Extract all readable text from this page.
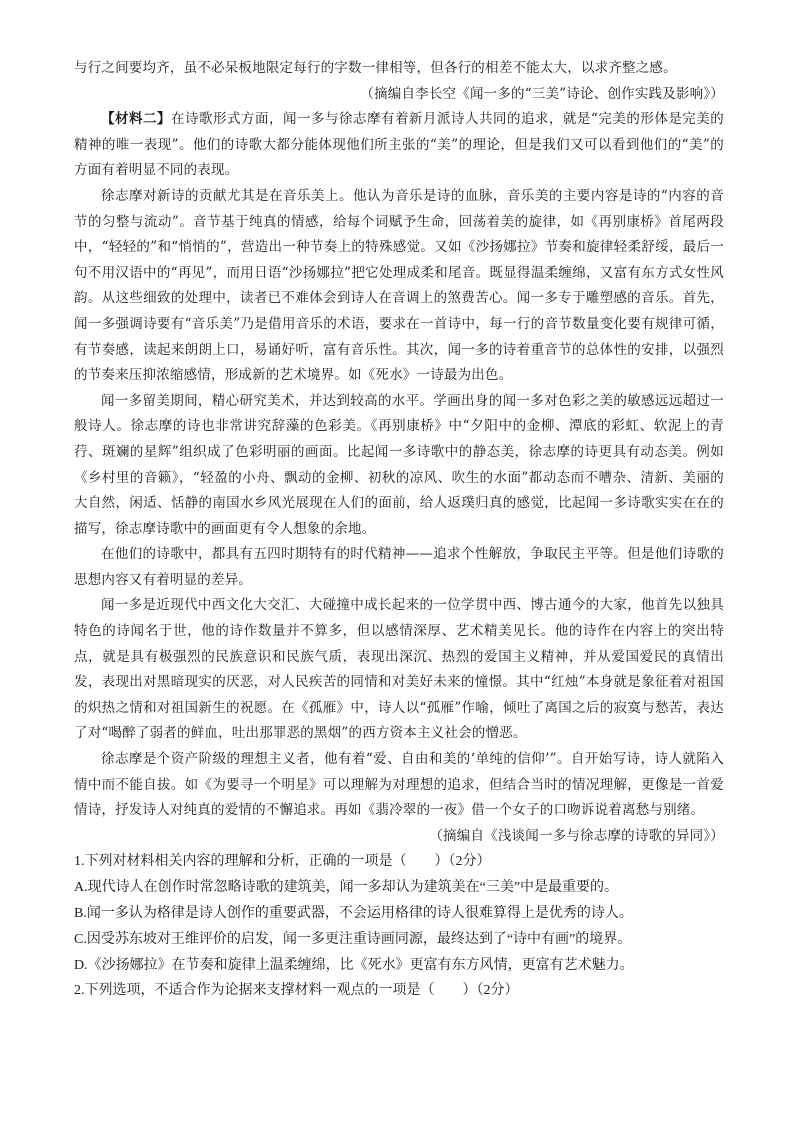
与行之间要均齐，虽不必呆板地限定每行的字数一律相等，但各行的相差不能太大，以求齐整之感。

（摘编自李长空《闻一多的“三美”诗论、创作实践及影响》）

【材料二】在诗歌形式方面，闻一多与徐志摩有着新月派诗人共同的追求，就是“完美的形体是完美的精神的唯一表现”。他们的诗歌大都分能体现他们所主张的“美”的理论，但是我们又可以看到他们的“美”的方面有着明显不同的表现。

徐志摩对新诗的贡献尤其是在音乐美上。他认为音乐是诗的血脉，音乐美的主要内容是诗的“内容的音节的匀整与流动”。音节基于纯真的情感，给每个词赋予生命，回荡着美的旋律，如《再别康桥》首尾两段中，“轻轻的”和“悄悄的”，营造出一种节奏上的特殊感觉。又如《沙扬娜拉》节奏和旋律轻柔舒绥，最后一句不用汉语中的“再见”，而用日语“沙扬娜拉”把它处理成柔和尾音。既显得温柔缠绵，又富有东方式女性风韵。从这些细致的处理中，读者已不难体会到诗人在音调上的煞费苦心。闻一多专于雕塑感的音乐。首先，闻一多强调诗要有“音乐美”乃是借用音乐的术语，要求在一首诗中，每一行的音节数量变化要有规律可循，有节奏感，读起来朗朗上口，易诵好听，富有音乐性。其次，闻一多的诗着重音节的总体性的安排，以强烈的节奏来压抑浓缩感情，形成新的艺术境界。如《死水》一诗最为出色。

闻一多留美期间，精心研究美术，并达到较高的水平。学画出身的闻一多对色彩之美的敏感远远超过一般诗人。徐志摩的诗也非常讲究辞藻的色彩美。《再别康桥》中“夕阳中的金柳、潭底的彩虹、软泥上的青荇、斑斓的星辉”组织成了色彩明丽的画面。比起闻一多诗歌中的静态美，徐志摩的诗更具有动态美。例如《乡村里的音籁》，“轻盈的小舟、飘动的金柳、初秋的凉风、吹生的水面”都动态而不嘈杂、清新、美丽的大自然，闲适、恬静的南国水乡风光展现在人们的面前，给人返璞归真的感觉，比起闻一多诗歌实实在在的描写，徐志摩诗歌中的画面更有令人想象的余地。

在他们的诗歌中，都具有五四时期特有的时代精神——追求个性解放，争取民主平等。但是他们诗歌的思想内容又有着明显的差异。

闻一多是近现代中西文化大交汇、大碰撞中成长起来的一位学贯中西、博古通今的大家，他首先以独具特色的诗闻名于世，他的诗作数量并不算多，但以感情深厚、艺术精美见长。他的诗作在内容上的突出特点，就是具有极强烈的民族意识和民族气质，表现出深沉、热烈的爱国主义精神，并从爱国爱民的真情出发，表现出对黑暗现实的厌恶，对人民疾苦的同情和对美好未来的憧憬。其中“红烛”本身就是象征着对祖国的炽热之情和对祖国新生的祝愿。在《孤雁》中，诗人以“孤雁”作喻，倾吐了离国之后的寂寞与愁苦，表达了对“喝醉了弱者的鲜血，吐出那罪恶的黑烟”的西方资本主义社会的憎恶。

徐志摩是个资产阶级的理想主义者，他有着“爱、自由和美的‘单纯的信仰’”。自开始写诗，诗人就陷入情中而不能自拔。如《为要寻一个明星》可以理解为对理想的追求，但结合当时的情况理解，更像是一首爱情诗，抒发诗人对纯真的爱情的不懈追求。再如《翡冷翠的一夜》借一个女子的口吻诉说着离愁与别绪。

（摘编自《浅谈闻一多与徐志摩的诗歌的异同》）

1.下列对材料相关内容的理解和分析，正确的一项是（　　）（2分）

A.现代诗人在创作时常忽略诗歌的建筑美，闻一多却认为建筑美在“三美”中是最重要的。

B.闻一多认为格律是诗人创作的重要武器，不会运用格律的诗人很难算得上是优秀的诗人。

C.因受苏东坡对王维评价的启发，闻一多更注重诗画同源，最终达到了“诗中有画”的境界。

D.《沙扬娜拉》在节奏和旋律上温柔缠绵，比《死水》更富有东方风情，更富有艺术魅力。

2.下列选项，不适合作为论据来支撑材料一观点的一项是（　　）（2分）
